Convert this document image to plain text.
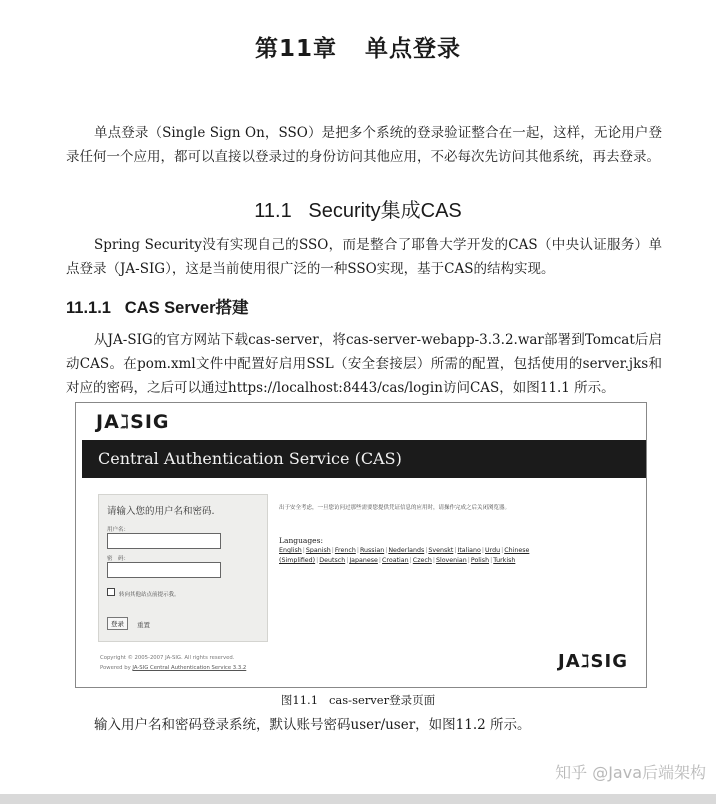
第11章 单点登录
单点登录（Single Sign On，SSO）是把多个系统的登录验证整合在一起，这样，无论用户登录任何一个应用，都可以直接以登录过的身份访问其他应用，不必每次先访问其他系统，再去登录。
11.1 Security集成CAS
Spring Security没有实现自己的SSO，而是整合了耶鲁大学开发的CAS（中央认证服务）单点登录（JA-SIG），这是当前使用很广泛的一种SSO实现，基于CAS的结构实现。
11.1.1 CAS Server搭建
从JA-SIG的官方网站下载cas-server，将cas-server-webapp-3.3.2.war部署到Tomcat后启动CAS。在pom.xml文件中配置好启用SSL（安全套接层）所需的配置，包括使用的server.jks和对应的密码，之后可以通过https://localhost:8443/cas/login访问CAS，如图11.1 所示。
JAℷSIG
Central Authentication Service (CAS)
请输入您的用户名和密码.
用户名：
密　码：
转向其他站点前提示我。
登录	重置
出于安全考虑，一旦您访问过那些需要您提供凭证信息的应用时，请操作完成之后关闭浏览器。
Languages:
English|Spanish|French|Russian|Nederlands|Svenskt|Italiano|Urdu|Chinese (Simplified)|Deutsch|Japanese|Croatian|Czech|Slovenian|Polish|Turkish
Copyright © 2005-2007 JA-SIG. All rights reserved.
Powered by JA-SIG Central Authentication Service 3.3.2	JAℷSIG
图11.1 cas-server登录页面
输入用户名和密码登录系统，默认账号密码user/user，如图11.2 所示。
知乎 @Java后端架构
